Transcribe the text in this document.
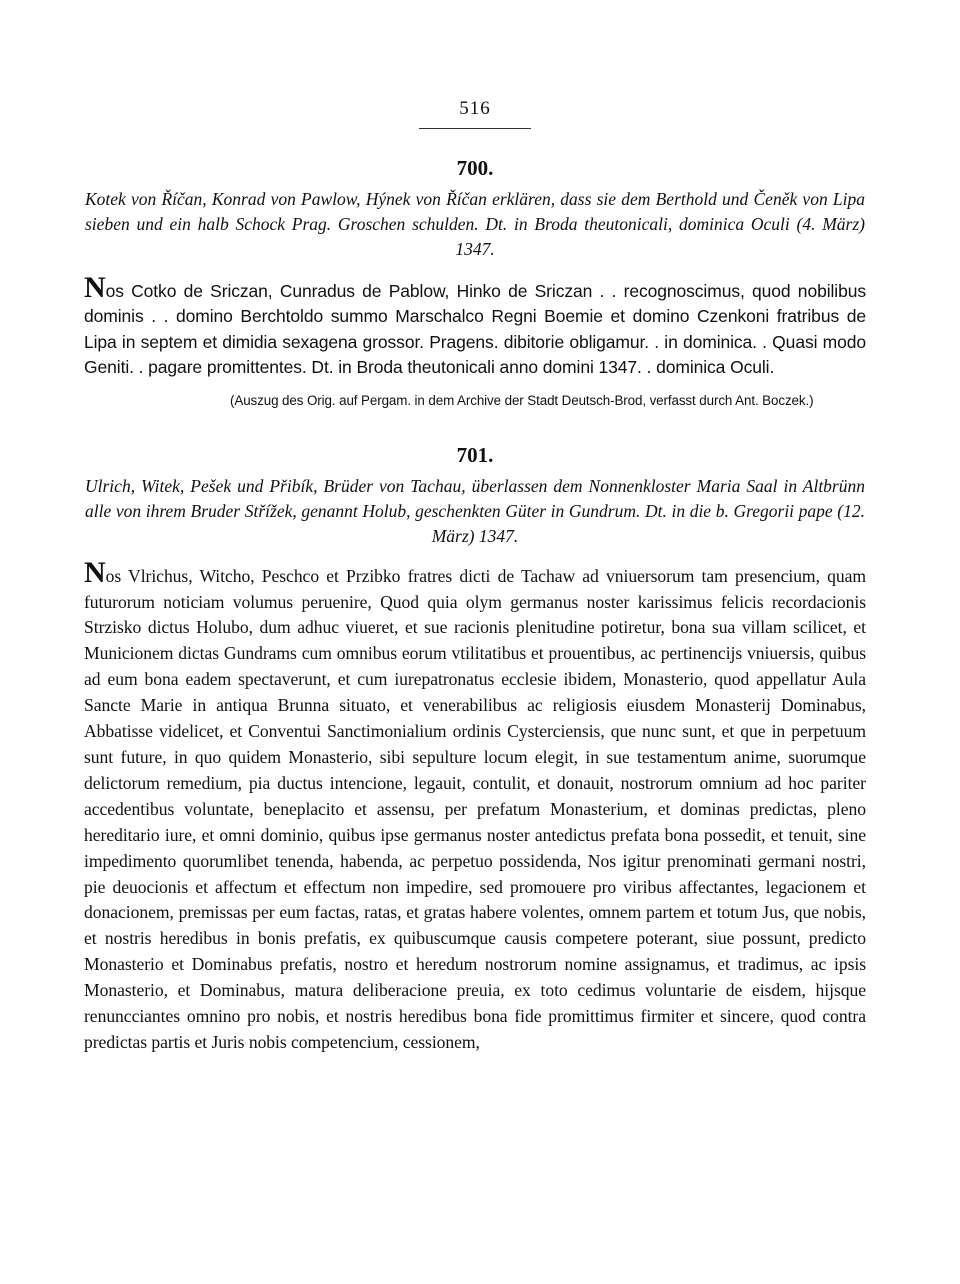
516
700.

Kotek von Říčan, Konrad von Pawlow, Hýnek von Říčan erklären, dass sie dem Berthold und Čeněk von Lipa sieben und ein halb Schock Prag. Groschen schulden. Dt. in Broda theutonicali, dominica Oculi (4. März) 1347.

Nos Cotko de Sriczan, Cunradus de Pablow, Hinko de Sriczan . . recognoscimus, quod nobilibus dominis . . domino Berchtoldo summo Marschalco Regni Boemie et domino Czenkoni fratribus de Lipa in septem et dimidia sexagena grossor. Pragens. dibitorie obligamur. . in dominica. . Quasi modo Geniti. . pagare promittentes. Dt. in Broda theutonicali anno domini 1347. . dominica Oculi.

(Auszug des Orig. auf Pergam. in dem Archive der Stadt Deutsch-Brod, verfasst durch Ant. Boczek.)

701.

Ulrich, Witek, Pešek und Přibík, Brüder von Tachau, überlassen dem Nonnenkloster Maria Saal in Altbrünn alle von ihrem Bruder Střížek, genannt Holub, geschenkten Güter in Gundrum. Dt. in die b. Gregorii pape (12. März) 1347.

Nos Vlrichus, Witcho, Peschco et Przibko fratres dicti de Tachaw ad vniuersorum tam presencium, quam futurorum noticiam volumus peruenire, Quod quia olym germanus noster karissimus felicis recordacionis Strzisko dictus Holubo, dum adhuc viueret, et sue racionis plenitudine potiretur, bona sua villam scilicet, et Municionem dictas Gundrams cum omnibus eorum vtilitatibus et prouentibus, ac pertinencijs vniuersis, quibus ad eum bona eadem spectaverunt, et cum iurepatronatus ecclesie ibidem, Monasterio, quod appellatur Aula Sancte Marie in antiqua Brunna situato, et venerabilibus ac religiosis eiusdem Monasterij Dominabus, Abbatisse videlicet, et Conventui Sanctimonialium ordinis Cysterciensis, que nunc sunt, et que in perpetuum sunt future, in quo quidem Monasterio, sibi sepulture locum elegit, in sue testamentum anime, suorumque delictorum remedium, pia ductus intencione, legauit, contulit, et donauit, nostrorum omnium ad hoc pariter accedentibus voluntate, beneplacito et assensu, per prefatum Monasterium, et dominas predictas, pleno hereditario iure, et omni dominio, quibus ipse germanus noster antedictus prefata bona possedit, et tenuit, sine impedimento quorumlibet tenenda, habenda, ac perpetuo possidenda, Nos igitur prenominati germani nostri, pie deuocionis et affectum et effectum non impedire, sed promouere pro viribus affectantes, legacionem et donacionem, premissas per eum factas, ratas, et gratas habere volentes, omnem partem et totum Jus, que nobis, et nostris heredibus in bonis prefatis, ex quibuscumque causis competere poterant, siue possunt, predicto Monasterio et Dominabus prefatis, nostro et heredum nostrorum nomine assignamus, et tradimus, ac ipsis Monasterio, et Dominabus, matura deliberacione preuia, ex toto cedimus voluntarie de eisdem, hijsque renuncciantes omnino pro nobis, et nostris heredibus bona fide promittimus firmiter et sincere, quod contra predictas partis et Juris nobis competencium, cessionem,
